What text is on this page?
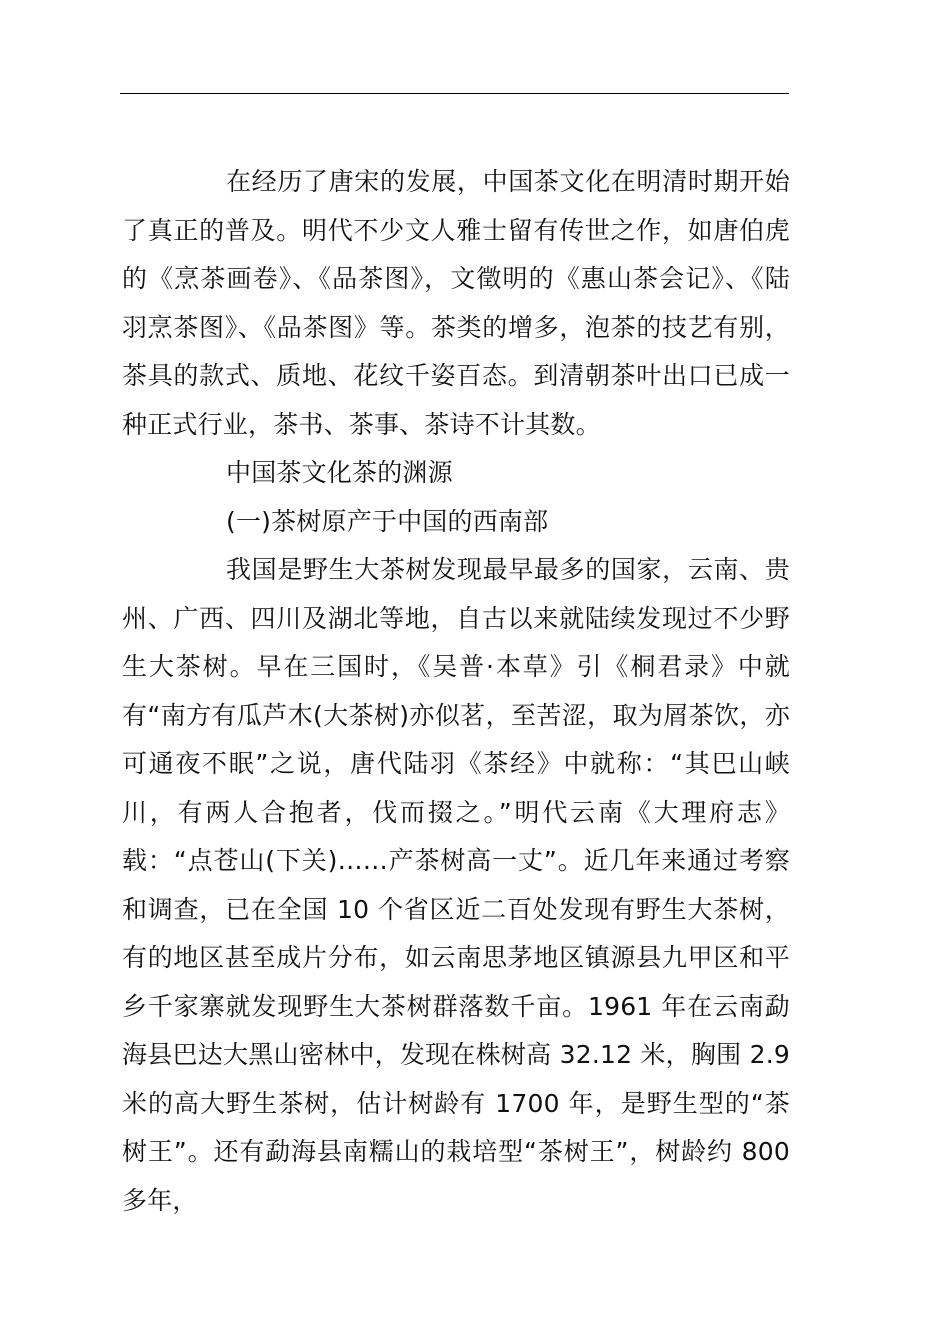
在经历了唐宋的发展，中国茶文化在明清时期开始了真正的普及。明代不少文人雅士留有传世之作，如唐伯虎的《烹茶画卷》、《品茶图》，文徵明的《惠山茶会记》、《陆羽烹茶图》、《品茶图》等。茶类的增多，泡茶的技艺有别，茶具的款式、质地、花纹千姿百态。到清朝茶叶出口已成一种正式行业，茶书、茶事、茶诗不计其数。

中国茶文化茶的渊源

(一)茶树原产于中国的西南部

我国是野生大茶树发现最早最多的国家，云南、贵州、广西、四川及湖北等地，自古以来就陆续发现过不少野生大茶树。早在三国时，《吴普·本草》引《桐君录》中就有“南方有瓜芦木(大茶树)亦似茗，至苦涩，取为屑茶饮，亦可通夜不眠”之说，唐代陆羽《茶经》中就称：“其巴山峡川，有两人合抱者，伐而掇之。”明代云南《大理府志》载：“点苍山(下关)……产茶树高一丈”。近几年来通过考察和调查，已在全国 10 个省区近二百处发现有野生大茶树，有的地区甚至成片分布，如云南思茅地区镇源县九甲区和平乡千家寨就发现野生大茶树群落数千亩。1961 年在云南勐海县巴达大黑山密林中，发现在株树高 32.12 米，胸围 2.9 米的高大野生茶树，估计树龄有 1700 年，是野生型的“茶树王”。还有勐海县南糯山的栽培型“茶树王”，树龄约 800 多年，
